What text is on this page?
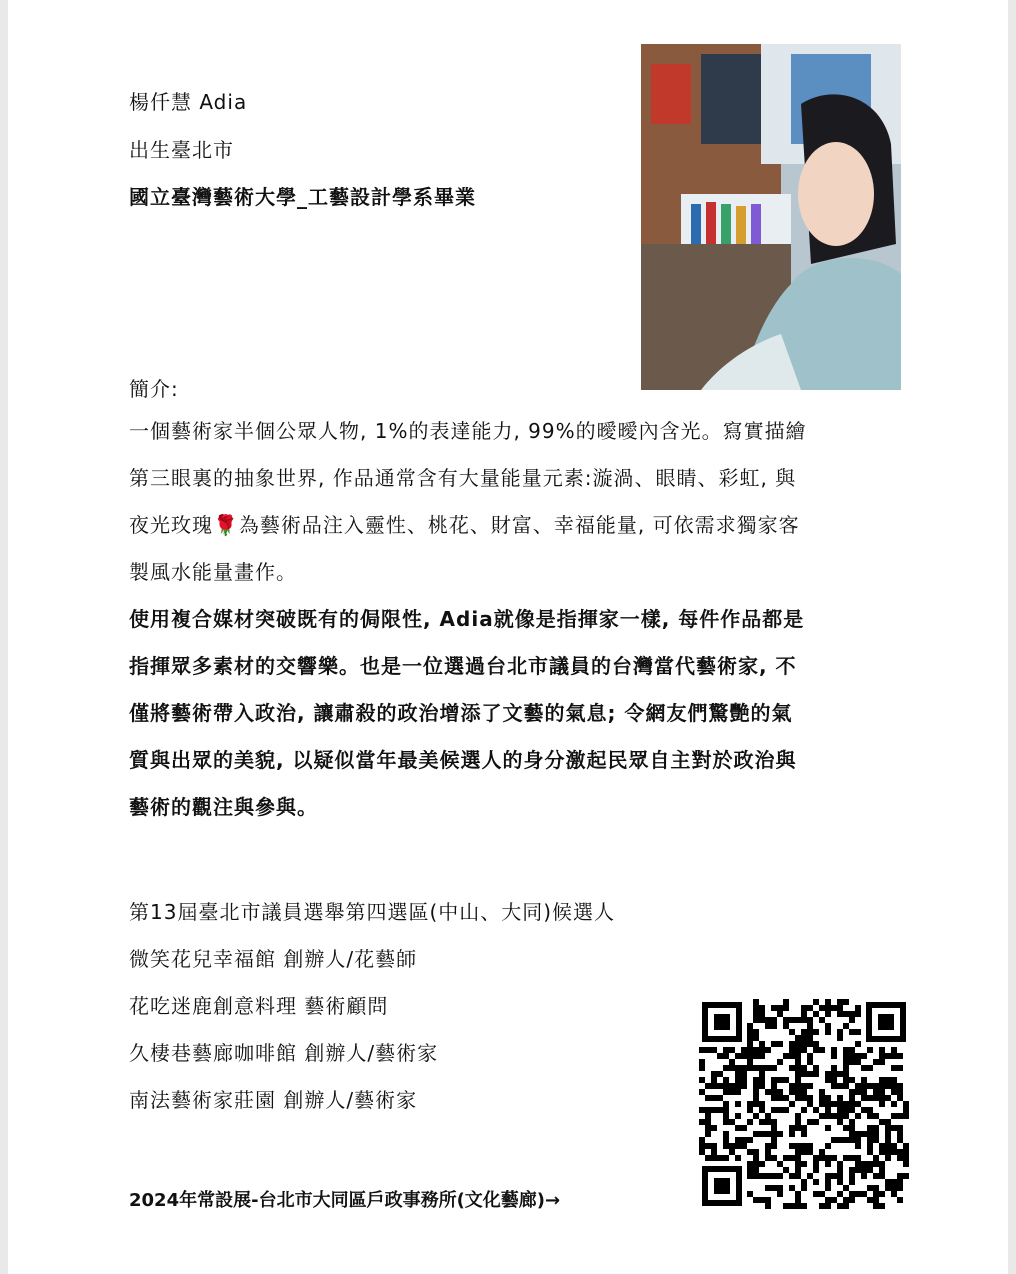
楊仟慧 Adia

出生臺北市

國立臺灣藝術大學_工藝設計學系畢業

簡介:

一個藝術家半個公眾人物, 1%的表達能力, 99%的曖曖內含光。寫實描繪
第三眼裏的抽象世界, 作品通常含有大量能量元素:漩渦、眼睛、彩虹, 與
夜光玫瑰🌹為藝術品注入靈性、桃花、財富、幸福能量, 可依需求獨家客
製風水能量畫作。
使用複合媒材突破既有的侷限性, Adia就像是指揮家一樣, 每件作品都是
指揮眾多素材的交響樂。也是一位選過台北市議員的台灣當代藝術家, 不
僅將藝術帶入政治, 讓肅殺的政治增添了文藝的氣息; 令網友們驚艷的氣
質與出眾的美貌, 以疑似當年最美候選人的身分激起民眾自主對於政治與
藝術的觀注與參與。

第13屆臺北市議員選舉第四選區(中山、大同)候選人

微笑花兒幸福館 創辦人/花藝師

花吃迷鹿創意料理 藝術顧問

久棲巷藝廊咖啡館 創辦人/藝術家

南法藝術家莊園 創辦人/藝術家

2024年常設展-台北市大同區戶政事務所(文化藝廊)→
